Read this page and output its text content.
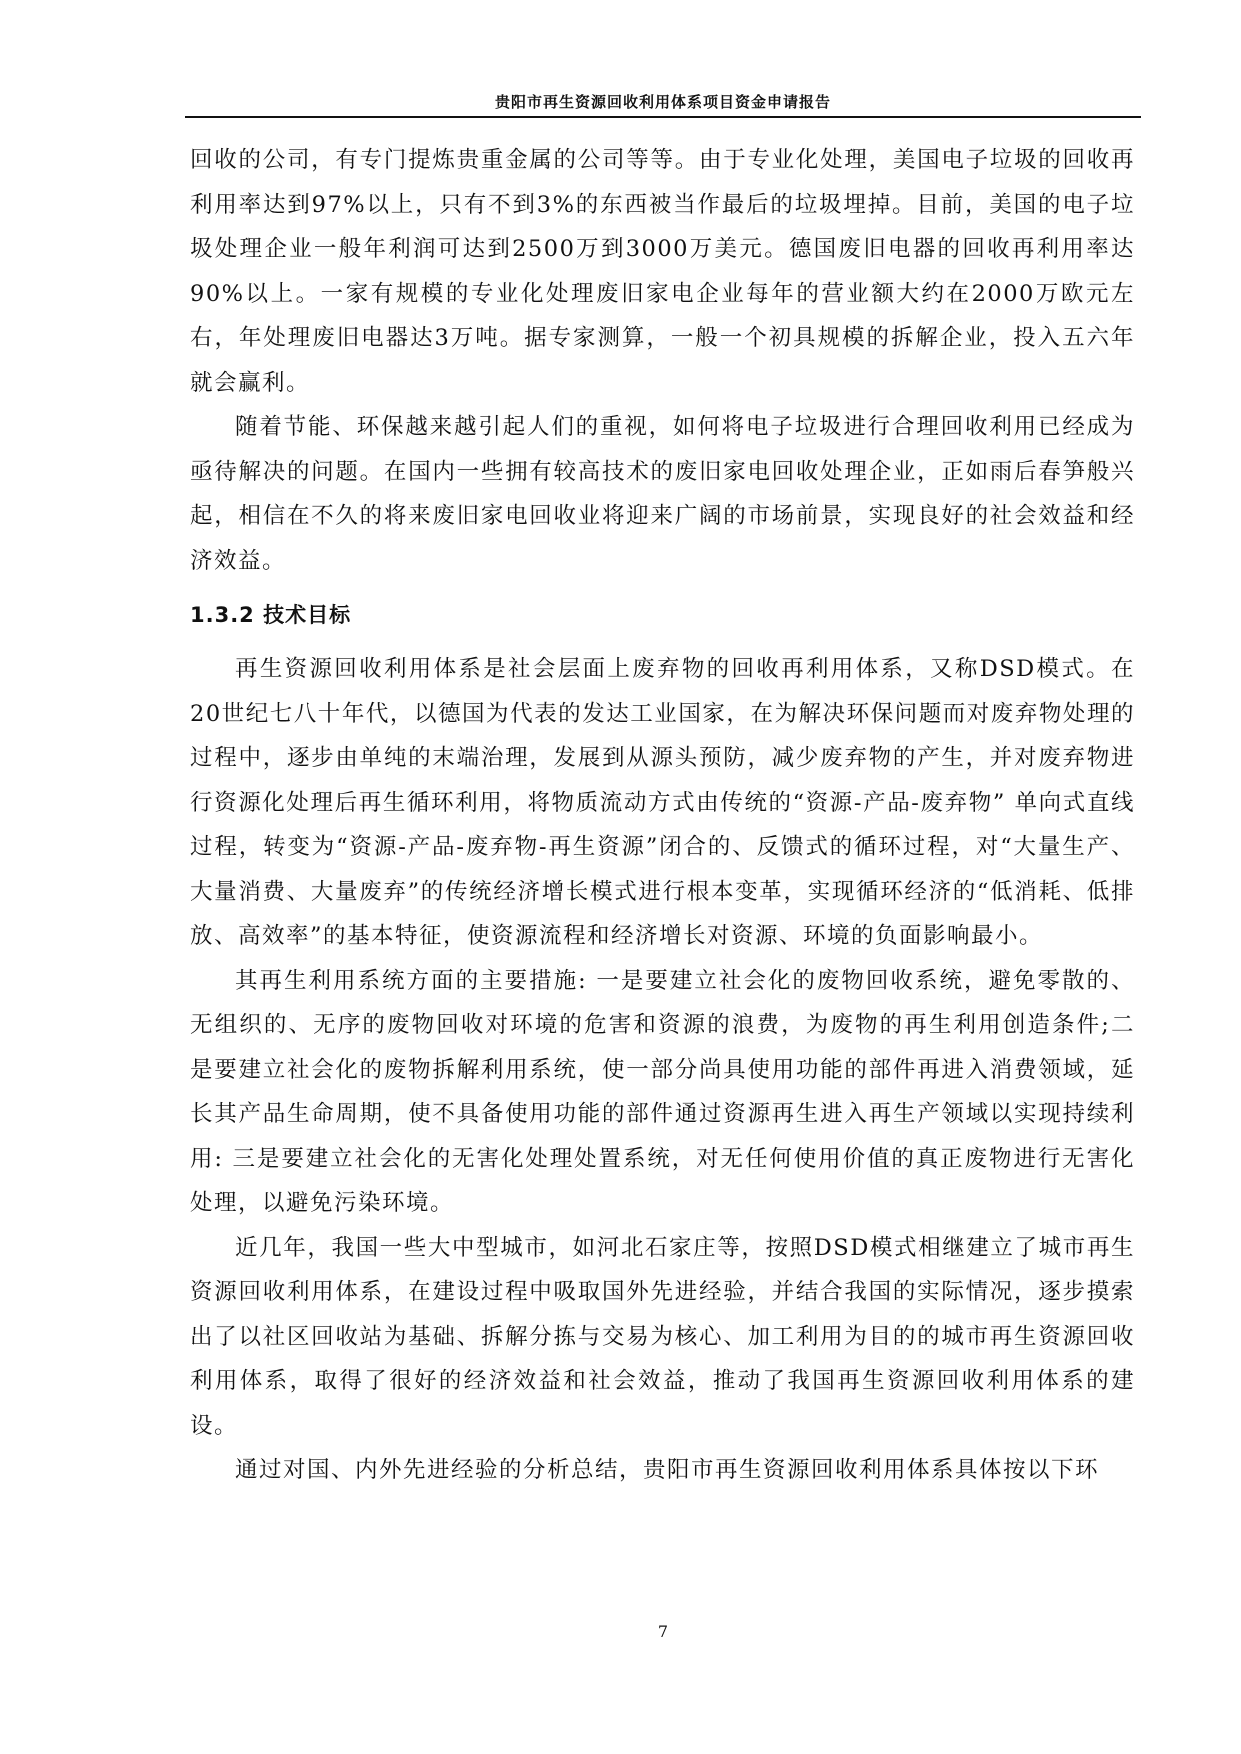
贵阳市再生资源回收利用体系项目资金申请报告

回收的公司，有专门提炼贵重金属的公司等等。由于专业化处理，美国电子垃圾的回收再利用率达到97%以上，只有不到3%的东西被当作最后的垃圾埋掉。目前，美国的电子垃圾处理企业一般年利润可达到2500万到3000万美元。德国废旧电器的回收再利用率达90%以上。一家有规模的专业化处理废旧家电企业每年的营业额大约在2000万欧元左右，年处理废旧电器达3万吨。据专家测算，一般一个初具规模的拆解企业，投入五六年就会赢利。

随着节能、环保越来越引起人们的重视，如何将电子垃圾进行合理回收利用已经成为亟待解决的问题。在国内一些拥有较高技术的废旧家电回收处理企业，正如雨后春笋般兴起，相信在不久的将来废旧家电回收业将迎来广阔的市场前景，实现良好的社会效益和经济效益。

1.3.2 技术目标

再生资源回收利用体系是社会层面上废弃物的回收再利用体系，又称DSD模式。在20世纪七八十年代，以德国为代表的发达工业国家，在为解决环保问题而对废弃物处理的过程中，逐步由单纯的末端治理，发展到从源头预防，减少废弃物的产生，并对废弃物进行资源化处理后再生循环利用，将物质流动方式由传统的“资源-产品-废弃物” 单向式直线过程，转变为“资源-产品-废弃物-再生资源”闭合的、反馈式的循环过程，对“大量生产、大量消费、大量废弃”的传统经济增长模式进行根本变革，实现循环经济的“低消耗、低排放、高效率”的基本特征，使资源流程和经济增长对资源、环境的负面影响最小。

其再生利用系统方面的主要措施: 一是要建立社会化的废物回收系统，避免零散的、无组织的、无序的废物回收对环境的危害和资源的浪费，为废物的再生利用创造条件;二是要建立社会化的废物拆解利用系统，使一部分尚具使用功能的部件再进入消费领域，延长其产品生命周期，使不具备使用功能的部件通过资源再生进入再生产领域以实现持续利用: 三是要建立社会化的无害化处理处置系统，对无任何使用价值的真正废物进行无害化处理，以避免污染环境。

近几年，我国一些大中型城市，如河北石家庄等，按照DSD模式相继建立了城市再生资源回收利用体系，在建设过程中吸取国外先进经验，并结合我国的实际情况，逐步摸索出了以社区回收站为基础、拆解分拣与交易为核心、加工利用为目的的城市再生资源回收利用体系，取得了很好的经济效益和社会效益，推动了我国再生资源回收利用体系的建设。

通过对国、内外先进经验的分析总结，贵阳市再生资源回收利用体系具体按以下环

7
